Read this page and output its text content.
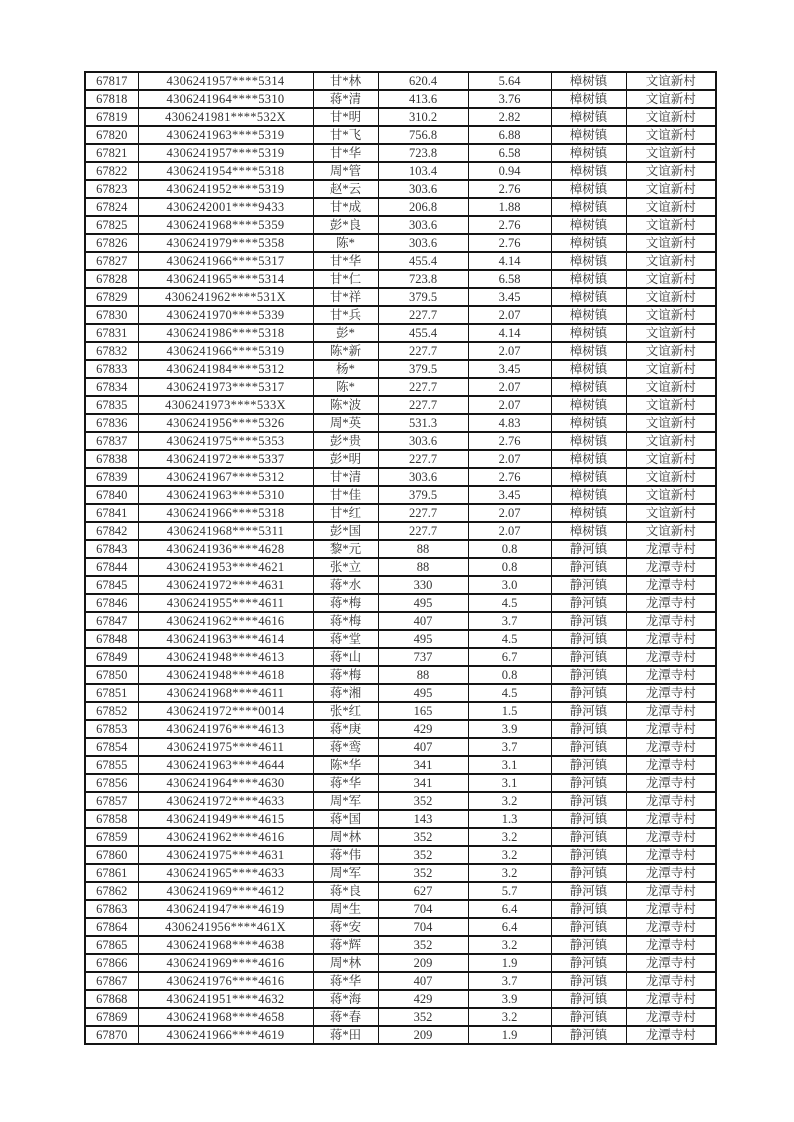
67817	4306241957****5314	甘*林	620.4	5.64	樟树镇	文谊新村
67818	4306241964****5310	蒋*清	413.6	3.76	樟树镇	文谊新村
67819	4306241981****532X	甘*明	310.2	2.82	樟树镇	文谊新村
67820	4306241963****5319	甘*飞	756.8	6.88	樟树镇	文谊新村
67821	4306241957****5319	甘*华	723.8	6.58	樟树镇	文谊新村
67822	4306241954****5318	周*管	103.4	0.94	樟树镇	文谊新村
67823	4306241952****5319	赵*云	303.6	2.76	樟树镇	文谊新村
67824	4306242001****9433	甘*成	206.8	1.88	樟树镇	文谊新村
67825	4306241968****5359	彭*良	303.6	2.76	樟树镇	文谊新村
67826	4306241979****5358	陈*	303.6	2.76	樟树镇	文谊新村
67827	4306241966****5317	甘*华	455.4	4.14	樟树镇	文谊新村
67828	4306241965****5314	甘*仁	723.8	6.58	樟树镇	文谊新村
67829	4306241962****531X	甘*祥	379.5	3.45	樟树镇	文谊新村
67830	4306241970****5339	甘*兵	227.7	2.07	樟树镇	文谊新村
67831	4306241986****5318	彭*	455.4	4.14	樟树镇	文谊新村
67832	4306241966****5319	陈*新	227.7	2.07	樟树镇	文谊新村
67833	4306241984****5312	杨*	379.5	3.45	樟树镇	文谊新村
67834	4306241973****5317	陈*	227.7	2.07	樟树镇	文谊新村
67835	4306241973****533X	陈*波	227.7	2.07	樟树镇	文谊新村
67836	4306241956****5326	周*英	531.3	4.83	樟树镇	文谊新村
67837	4306241975****5353	彭*贵	303.6	2.76	樟树镇	文谊新村
67838	4306241972****5337	彭*明	227.7	2.07	樟树镇	文谊新村
67839	4306241967****5312	甘*清	303.6	2.76	樟树镇	文谊新村
67840	4306241963****5310	甘*佳	379.5	3.45	樟树镇	文谊新村
67841	4306241966****5318	甘*红	227.7	2.07	樟树镇	文谊新村
67842	4306241968****5311	彭*国	227.7	2.07	樟树镇	文谊新村
67843	4306241936****4628	黎*元	88	0.8	静河镇	龙潭寺村
67844	4306241953****4621	张*立	88	0.8	静河镇	龙潭寺村
67845	4306241972****4631	蒋*水	330	3.0	静河镇	龙潭寺村
67846	4306241955****4611	蒋*梅	495	4.5	静河镇	龙潭寺村
67847	4306241962****4616	蒋*梅	407	3.7	静河镇	龙潭寺村
67848	4306241963****4614	蒋*堂	495	4.5	静河镇	龙潭寺村
67849	4306241948****4613	蒋*山	737	6.7	静河镇	龙潭寺村
67850	4306241948****4618	蒋*梅	88	0.8	静河镇	龙潭寺村
67851	4306241968****4611	蒋*湘	495	4.5	静河镇	龙潭寺村
67852	4306241972****0014	张*红	165	1.5	静河镇	龙潭寺村
67853	4306241976****4613	蒋*庚	429	3.9	静河镇	龙潭寺村
67854	4306241975****4611	蒋*鸾	407	3.7	静河镇	龙潭寺村
67855	4306241963****4644	陈*华	341	3.1	静河镇	龙潭寺村
67856	4306241964****4630	蒋*华	341	3.1	静河镇	龙潭寺村
67857	4306241972****4633	周*军	352	3.2	静河镇	龙潭寺村
67858	4306241949****4615	蒋*国	143	1.3	静河镇	龙潭寺村
67859	4306241962****4616	周*林	352	3.2	静河镇	龙潭寺村
67860	4306241975****4631	蒋*伟	352	3.2	静河镇	龙潭寺村
67861	4306241965****4633	周*军	352	3.2	静河镇	龙潭寺村
67862	4306241969****4612	蒋*良	627	5.7	静河镇	龙潭寺村
67863	4306241947****4619	周*生	704	6.4	静河镇	龙潭寺村
67864	4306241956****461X	蒋*安	704	6.4	静河镇	龙潭寺村
67865	4306241968****4638	蒋*辉	352	3.2	静河镇	龙潭寺村
67866	4306241969****4616	周*林	209	1.9	静河镇	龙潭寺村
67867	4306241976****4616	蒋*华	407	3.7	静河镇	龙潭寺村
67868	4306241951****4632	蒋*海	429	3.9	静河镇	龙潭寺村
67869	4306241968****4658	蒋*春	352	3.2	静河镇	龙潭寺村
67870	4306241966****4619	蒋*田	209	1.9	静河镇	龙潭寺村
